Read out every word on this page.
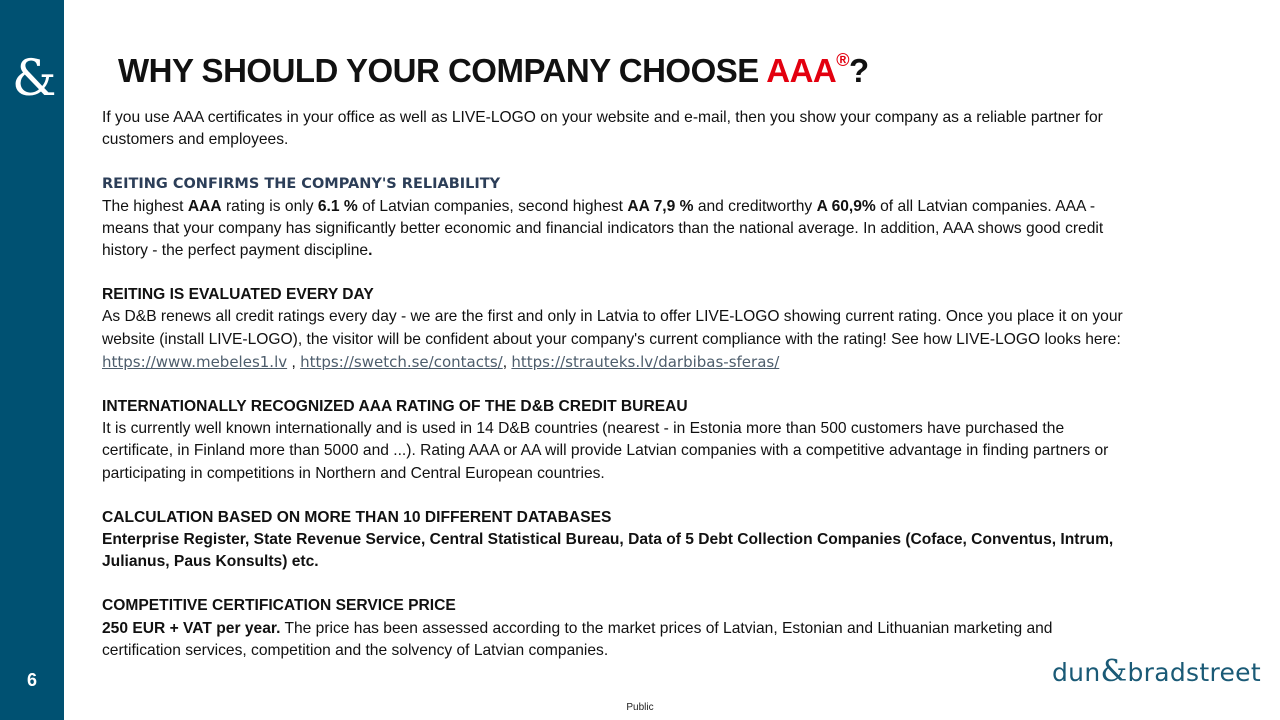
&
6
WHY SHOULD YOUR COMPANY CHOOSE AAA®?

If you use AAA certificates in your office as well as LIVE-LOGO on your website and e-mail, then you show your company as a reliable partner for customers and employees.

REITING CONFIRMS THE COMPANY'S RELIABILITY

The highest AAA rating is only 6.1 % of Latvian companies, second highest AA 7,9 % and creditworthy A 60,9% of all Latvian companies. AAA - means that your company has significantly better economic and financial indicators than the national average. In addition, AAA shows good credit history - the perfect payment discipline.

REITING IS EVALUATED EVERY DAY

As D&B renews all credit ratings every day - we are the first and only in Latvia to offer LIVE-LOGO showing current rating. Once you place it on your website (install LIVE-LOGO), the visitor will be confident about your company's current compliance with the rating! See how LIVE-LOGO looks here: https://www.mebeles1.lv , https://swetch.se/contacts/, https://strauteks.lv/darbibas-sferas/

INTERNATIONALLY RECOGNIZED AAA RATING OF THE D&B CREDIT BUREAU

It is currently well known internationally and is used in 14 D&B countries (nearest - in Estonia more than 500 customers have purchased the certificate, in Finland more than 5000 and ...). Rating AAA or AA will provide Latvian companies with a competitive advantage in finding partners or participating in competitions in Northern and Central European countries.

CALCULATION BASED ON MORE THAN 10 DIFFERENT DATABASES

Enterprise Register, State Revenue Service, Central Statistical Bureau, Data of 5 Debt Collection Companies (Coface, Conventus, Intrum, Julianus, Paus Konsults) etc.

COMPETITIVE CERTIFICATION SERVICE PRICE

250 EUR + VAT per year. The price has been assessed according to the market prices of Latvian, Estonian and Lithuanian marketing and certification services, competition and the solvency of Latvian companies.

dun&bradstreet
Public
